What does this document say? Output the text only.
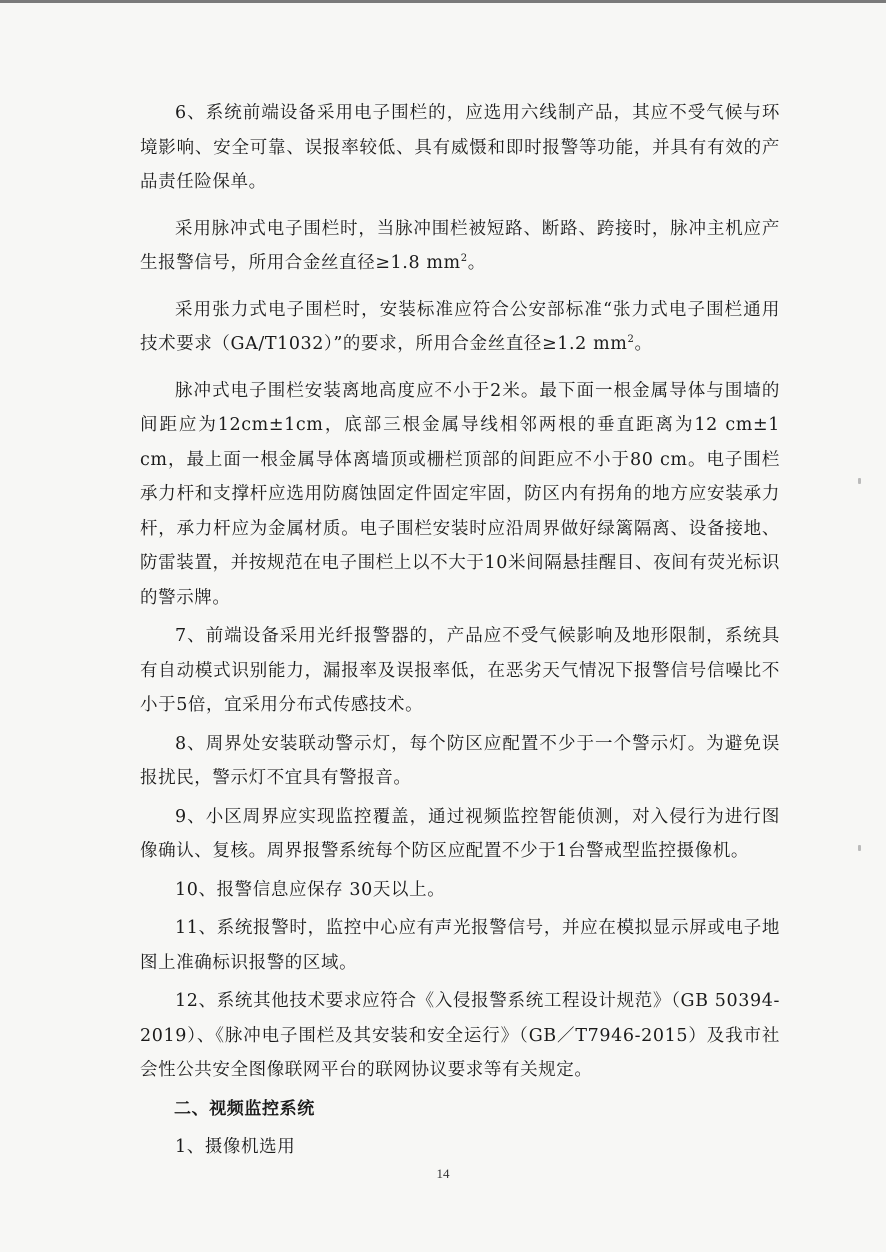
6、系统前端设备采用电子围栏的，应选用六线制产品，其应不受气候与环境影响、安全可靠、误报率较低、具有威慑和即时报警等功能，并具有有效的产品责任险保单。

采用脉冲式电子围栏时，当脉冲围栏被短路、断路、跨接时，脉冲主机应产生报警信号，所用合金丝直径≥1.8 $mm^2$。

采用张力式电子围栏时，安装标准应符合公安部标准“张力式电子围栏通用技术要求（GA/T1032）”的要求，所用合金丝直径≥1.2 $mm^2$。

脉冲式电子围栏安装离地高度应不小于2米。最下面一根金属导体与围墙的间距应为12cm±1cm，底部三根金属导线相邻两根的垂直距离为12 cm±1 cm，最上面一根金属导体离墙顶或栅栏顶部的间距应不小于80 cm。电子围栏承力杆和支撑杆应选用防腐蚀固定件固定牢固，防区内有拐角的地方应安装承力杆，承力杆应为金属材质。电子围栏安装时应沿周界做好绿篱隔离、设备接地、防雷装置，并按规范在电子围栏上以不大于10米间隔悬挂醒目、夜间有荧光标识的警示牌。

7、前端设备采用光纤报警器的，产品应不受气候影响及地形限制，系统具有自动模式识别能力，漏报率及误报率低，在恶劣天气情况下报警信号信噪比不小于5倍，宜采用分布式传感技术。

8、周界处安装联动警示灯，每个防区应配置不少于一个警示灯。为避免误报扰民，警示灯不宜具有警报音。

9、小区周界应实现监控覆盖，通过视频监控智能侦测，对入侵行为进行图像确认、复核。周界报警系统每个防区应配置不少于1台警戒型监控摄像机。

10、报警信息应保存 30天以上。

11、系统报警时，监控中心应有声光报警信号，并应在模拟显示屏或电子地图上准确标识报警的区域。

12、系统其他技术要求应符合《入侵报警系统工程设计规范》（GB 50394-2019）、《脉冲电子围栏及其安装和安全运行》（GB／T7946-2015）及我市社会性公共安全图像联网平台的联网协议要求等有关规定。

二、视频监控系统

1、摄像机选用

14
